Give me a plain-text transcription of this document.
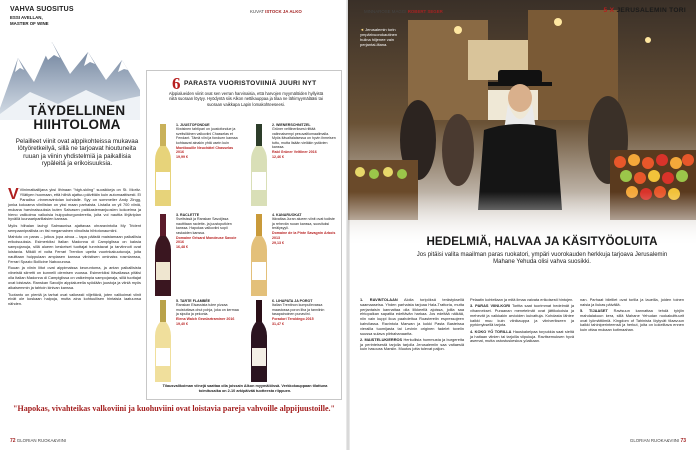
VAHVA SUOSITUS
ESSI AVELLAN, MASTER OF WINE
KUVAT ISTOCK JA ALKO
TÄYDELLINEN HIIHTOLOMA
Pelailleet viinit ovat alppikohteissa mukavaa lötyöretkeilyä, sillä ne tarjoavat hioutuneita ruuan ja viinin yhdistelmiä ja paikallisia rypäleitä ja erikoisuuksia.

V Viinimatkailijana yksi lihinaan "high-skiing" suosikkeja on St. Moritz. Yllätiyen huomaan, että hiihtä ajattuu päivittäin kuin automaattisesti. El Paradiso -rinneravintolan kohdalle. Syy on sommelier Andy Zingg, jonka kokoama viinilistan on yksi maan parhaista. Listalla on yli 700 viiniä, mukana harvinaisuuksia kuten Salvasen paikkasiemanjuoslen kokoelma ja hieno valikoima valkoisia huippuburgundereita, joita voi nauttia lihjäriplan hyvällä luunaariparillaisien kanssa.

Myös hiihalan lachgi Salmaunisa ajattavaa ohraravintolia My Trident sempaaniprallista on itsi megamainen viinolista hihtotonaumiini.

Mahtuto on paras – jotkus jopa ainoa – tapa päästä maistamaan paikallisia erikoisuuksia. Esimerkiksi Italian Madonna di Campiglissa on kaksia sampojanuja, sillä alueen keskeiset tuottajat tunnistavat ja tarviinnoit ovat loistavia. Mikäli ei voita Ferrari Trention upeita vuorinkakuutuvoja, joita naulttaan huippulaan ampiasen kanssa viinistisen ominaiss rosmianssa, Ferrari Spazio Bollicine Nabocurosa.

Ruuan ja viinin liitot ovat alppimaissa keuruntoma, ja antan paikallisista viineistä siirretti on kunnelli olemisen vuossa. Esimerkiksi Itävallassa pitäisi olla Italian Madonna di Campiglissa on vaikeimpia sampojanaja, sillä tuottajat ovat loistavia. Ranskan Savoijin alppialueella syödään juustoja ja viiniä myös aikaisemmin ja tahtoin kinivan kanssa.

Tuotanto on pientä ja tarhat ovat vaikeasti viljeltävä, joten valikoimat viinit eivät ole koskaan halpoja, mutta aina kohtuullisen hintaisia laatuunsa nähden.

6 PARASTA VUORISTOVIINIÄ JUURI NYT
Alppialueiden viinit ovat sen verran harvinaisia, että harvojen myymälöiden hyllyistä niitä suoraan löytyy. Hyödyntä siis Alkon nettikauppaa ja tilaa ne lähimyymälääsi tai suoraan vaikkapa Lapin lomakohteeseesi.
1. JUUSTOFONDUE
Kiwisinen tahtipari on juustofondue ja sveitsiläinen valkoviini Chasselas et Fendant. Tämä viini ja fonduen kanssa kohtaavat ainakin yhtä usein kuin
Montbouille Neuchâtel Chasselas 2016
19,99 €
2. WIENERSCHNITZEL
Grüner veltlineriksesi riittää valinnaisempi pesuvaltiomaailmalla. Myös itävaltalaisessa on hyvin ihmeisen tuttu, mutta lisään vieläkin ystävien kanssa.
Rabl Grüner Veltliner 2016
12,46 €
3. RACLETTE
Sveitsissä ja Ranskan Savoijissa nauttitaan raclette- ja juustoputkien kanssa. Hapokas valkoviini sopii raskaiden kanssa.
Domaine Grisard Mondeuse Savoie 2016
16,48 €
4. KANARUOKAT
Itävaltaa Juran alueen viinit ovat todiste ja rehevän ruoan kanssa, suosituksi terälysyyli.
Domaine de la Pinte Savagnin Arbois 2013
29,13 €
5. TARTE FLAMBÉE
Ranskan Elsassista tulee pizzaa muistuttava ohut pohja, joka on kermaa ja sipulia ja pekonia.
Elena Walch Gewürztraminer 2016
19,40 €
6. LIHAPATA JA POROT
Italian Trentinon kumpuilevassa maastossa poron liha ja tanniinin tasapainoinen punaviini.
Foradori Teroldego 2015
31,47 €
Tilausvalikoiman viinejä saattaa olla joissain Alkon myymälöissä. Verkkokauppaan tilattuna toimitusaika on 2-10 arkipäivää tuotteesta riippuen.
"Hapokas, vivahteikas valkoviini ja kuohuviini ovat loistavia pareja vahvoille alppijuustoille."
72 GLORIAN RUOKA&VIINI
MINNAROSE MAGGI ROBERT SEGER	5 X JERUSALEMIN TORI
◄ Jerusalemin torin ympärivuorokautinen hulina hiljenee vain perjantai-iltana.
HEDELMIÄ, HALVAA JA KÄSITYÖOLUITA
Jos pitäisi valita maailman paras ruokatori, ympäri vuorokauden herkkuja tarjoava Jerusalemin Mahane Yehuda olisi vahva suosikki.

1. RAVINTOLAAN Alolia toripöksä terästyksellä saamaaseisa. Yhden parhaista tarjoaa Hala-Trattoria, mutta perjantaisin kannattaa olla liikkeellä ajoissa, joilla saa ehtopalkan sapatiia edeltävän harkaa. Jos edeltää nälkää, niin vain kuppi ikoa paahdettua Roastereiin espressojeen kahvilassa. Ravintola Marwan ja kokki Pasta Basteissa vierailla tuomijasta tai Levinin originen fadelet tovelin suussa sulava piirbahanaarita.

2. MAISTELUKIERROS Herkullisia hummusta ja burgereita ja perinteisestä tarjolla tarjolla Jerusalemiin saa valtaesiä kuin hasouss Marsiin. Muutos jotta tulevat paljon.

Pelaatin kohteliaan ja mitä ilmaa vaivata erikoisesti hintojen.

3. PARAS VIINI-KORI Toritta saat tuorimmat hedelmät ja vihannekset. Puraanan menetelmät ovat jättikokoisia ja mehevät ja vaikkakin arvioiden kuivattuja. Kohdasta lähtee kaikki muu kuin viinikauppa ja viiniverikseen ja pyrkimyksellä tarjota.

4. KOKO YÖ TORILLA Hauskakelpaa torpukkia saat sieltä ja haitaan viinien tai tarjoilla viipukuja. Ravitsemuksen hyvä asemat, mutta ostostuskeskus yöaikaan.

nan. Parhaat bilelliet ovat torilla ja laueilla, joiden toinen naisia ja liukas päivällä.

5. TIJAASET Ravisuun kannattaa tehdä tyhjiin mahdalakuun kera, sillä Mahane Yehudan ruokakulttuurit ovat lyömättömiä. Kingdom of Tahinista löytyvät tilaavuun kaikki tahiniperinteensä ja herkut, joita on kokeiltava ennen kuin ottaa mukaan kotimaahan.

GLORIAN RUOKA&VIINI 73
